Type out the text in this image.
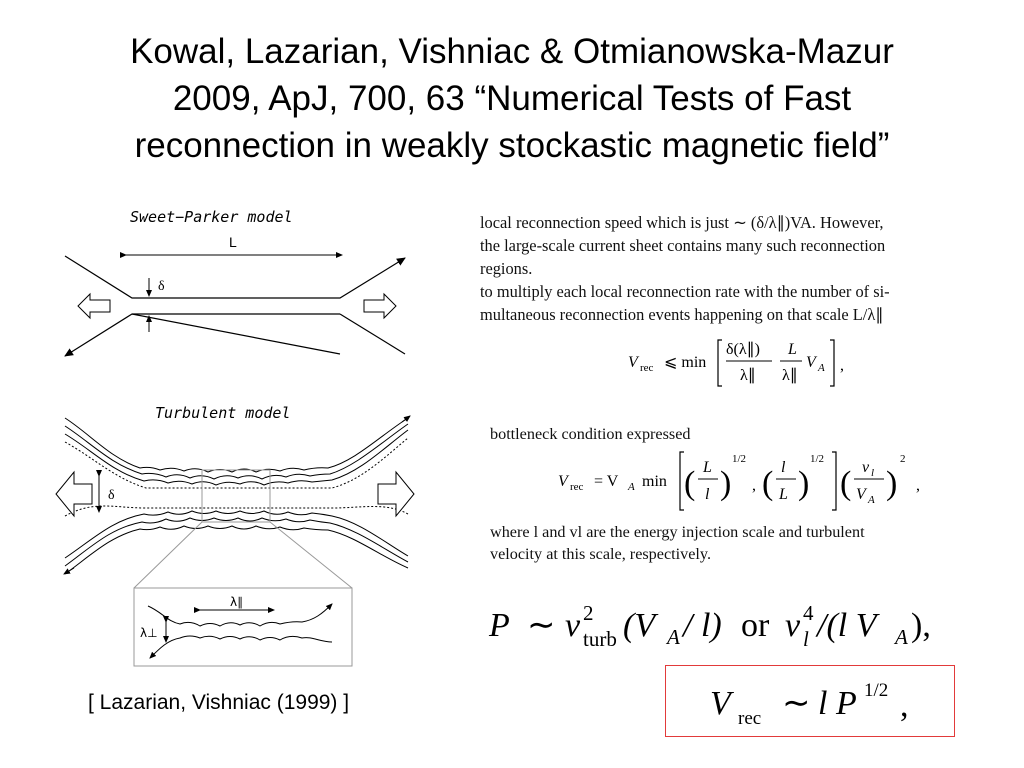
Kowal, Lazarian, Vishniac & Otmianowska-Mazur
2009, ApJ, 700, 63 “Numerical Tests of Fast
reconnection in weakly stockastic magnetic field”
Sweet−Parker model
L
δ
Turbulent model
δ
λ∥
λ⊥
local reconnection speed which is just ∼ (δ/λ∥)VA. However,
the large-scale current sheet contains many such reconnection
regions.
to multiply each local reconnection rate with the number of si-
multaneous reconnection events happening on that scale L/λ∥
V rec ⩽ min
δ(λ∥)
λ∥
L
λ∥
V A ,
bottleneck condition expressed
V rec = V A min ( L
l )
1/2
, ( l
L )
1/2
( v l
V A )
2
,
where l and vl are the energy injection scale and turbulent
velocity at this scale, respectively.
P ∼ v 2
turb (V A / l) or v 4
l /(l V A ),
[ Lazarian, Vishniac (1999) ]	V rec ∼ l P 1/2 ,
